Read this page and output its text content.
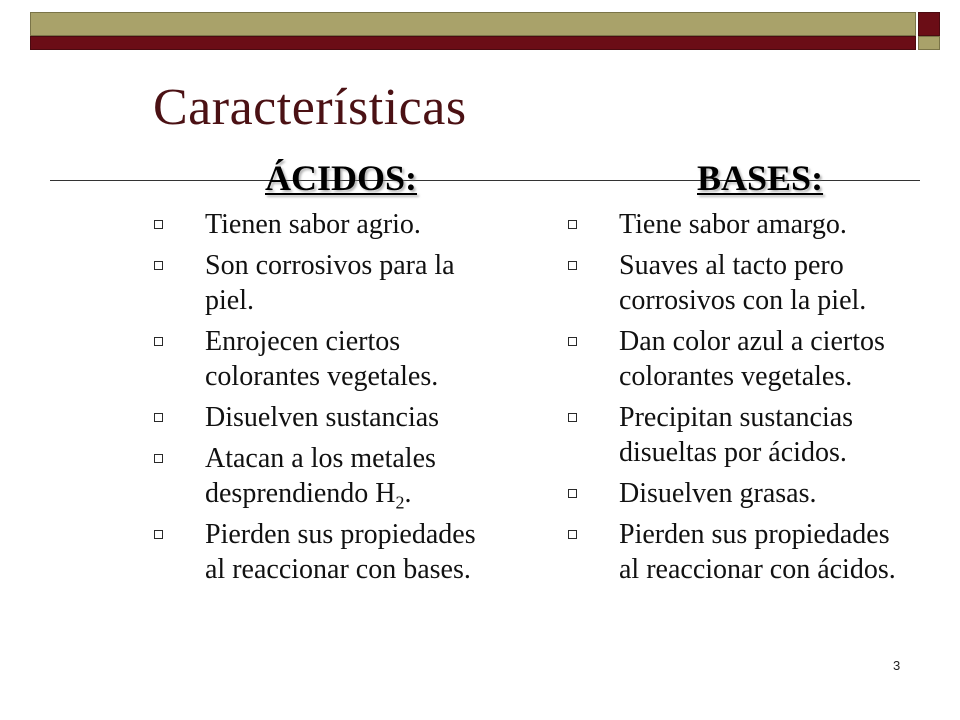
Características
ÁCIDOS:	BASES:
Tienen sabor agrio.
Son corrosivos para la
piel.
Enrojecen ciertos
colorantes vegetales.
Disuelven sustancias
Atacan a los metales
desprendiendo $H_2$.
Pierden sus propiedades
al reaccionar con bases.
Tiene sabor amargo.
Suaves al tacto pero
corrosivos con la piel.
Dan color azul a ciertos
colorantes vegetales.
Precipitan sustancias
disueltas por ácidos.
Disuelven grasas.
Pierden sus propiedades
al reaccionar con ácidos.
3
